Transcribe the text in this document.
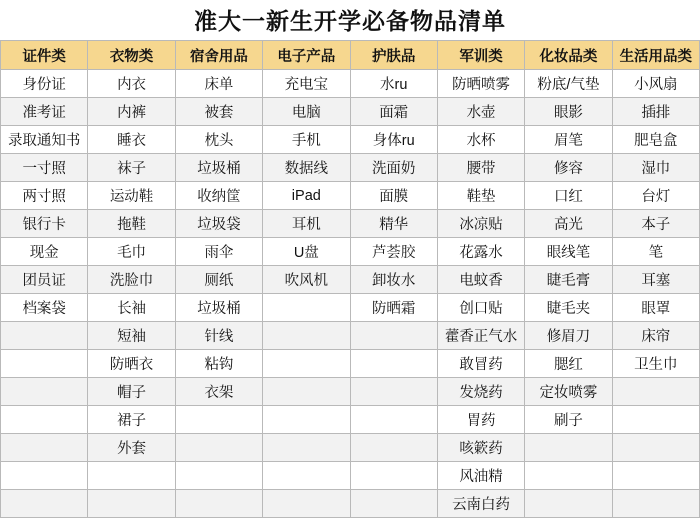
准大一新生开学必备物品清单
证件类	衣物类	宿舍用品	电子产品	护肤品	军训类	化妆品类	生活用品类
身份证	内衣	床单	充电宝	水ru	防晒喷雾	粉底/气垫	小风扇
准考证	内裤	被套	电脑	面霜	水壶	眼影	插排
录取通知书	睡衣	枕头	手机	身体ru	水杯	眉笔	肥皂盒
一寸照	袜子	垃圾桶	数据线	洗面奶	腰带	修容	湿巾
两寸照	运动鞋	收纳筐	iPad	面膜	鞋垫	口红	台灯
银行卡	拖鞋	垃圾袋	耳机	精华	冰凉贴	高光	本子
现金	毛巾	雨伞	U盘	芦荟胶	花露水	眼线笔	笔
团员证	洗脸巾	厕纸	吹风机	卸妆水	电蚊香	睫毛膏	耳塞
档案袋	长袖	垃圾桶		防晒霜	创口贴	睫毛夹	眼罩
	短袖	针线			藿香正气水	修眉刀	床帘
	防晒衣	粘钩			敢冒药	腮红	卫生巾
	帽子	衣架			发烧药	定妆喷雾	
	裙子				胃药	刷子	
	外套				咳簌药		
					风油精		
					云南白药		
